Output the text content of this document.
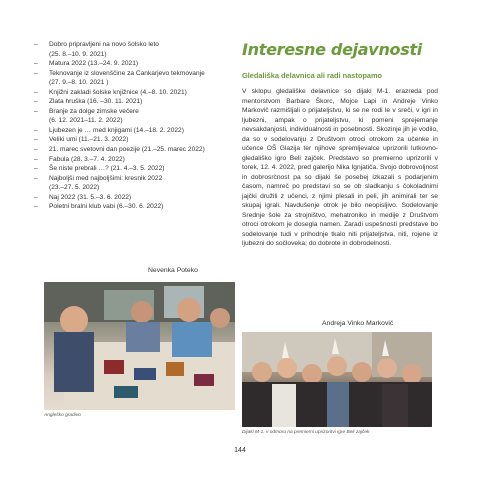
– Dobro pripravljeni na novo šolsko leto
(25. 8.–10. 9. 2021)
– Matura 2022 (13.–24. 9. 2021)
– Teknovanje iz slovenščine za Cankarjevo tekmovanje
(27. 9.–8. 10. 2021 )
– Knjižni zakladi šolske knjižnice (4.–8. 10. 2021)
– Zlata hruška (16. –30. 11. 2021)
– Branje za dolge zimske večere
(6. 12. 2021–11. 2. 2022)
– Ljubezen je … med knjigami (14.–18. 2. 2022)
– Veliki umi (11.–21. 3. 2022)
– 21. marec svetovni dan poezije (21.–25. marec 2022)
– Fabula (28. 3.–7. 4. 2022)
– Še niste prebrali …? (21. 4.–3. 5. 2022)
– Najboljši med najboljšimi: kresnik 2022
(23.–27. 5. 2022)
– Naj 2022 (31. 5.–3. 6. 2022)
– Poletni bralni klub vabi (6.–30. 6. 2022)
Nevenka Poteko
Angleško gradivo
Interesne dejavnosti
Gledališka delavnica ali radi nastopamo

V sklopu gledališke delavnice so dijaki M-1. erazreda pod mentorstvom Barbare Škorc, Mojce Lapi in Andreje Vinko Markovič razmišljali o prijateljstvu, ki se ne rodi le v sreči, v igri in ljubezni, ampak o prijateljstvu, ki pomeni sprejemanje nevsakdanjosti, individualnosti in posebnosti. Skozinje jih je vodilo, da so v sodelovanju z Društvom otroci otrokom za učenke in učence OŠ Glazija ter njihove spremljevalce uprizorili lutkovno-gledališko igro Beli zajček. Predstavo so premierno uprizorili v torek, 12. 4. 2022, pred galerijo Nika Ignjatiča. Svojo dobrovoljnost in dobrosrčnost pa so dijaki še posebej izkazali s podarjenim časom, namreč po predstavi so se ob sladkanju s čokoladnimi jajčki družili z učenci, z njimi plesali in peli, jih animirali ter se skupaj igrali. Navdušenje otrok je bilo neopisljivo. Sodelovanje Srednje šole za strojništvo, mehatroniko in medije z Društvom otroci otrokom je dosegla namen. Zaradi uspešnosti predstave bo sodelovanje tudi v prihodnje tkalo niti prijateljstva, niti, rojene iz ljubezni do sočloveka; do dobrote in dobrodelnosti.

Andreja Vinko Markovič
Dijaki M-1. v odmoru na premierni uprizoritvi igre Beli zajček
144
